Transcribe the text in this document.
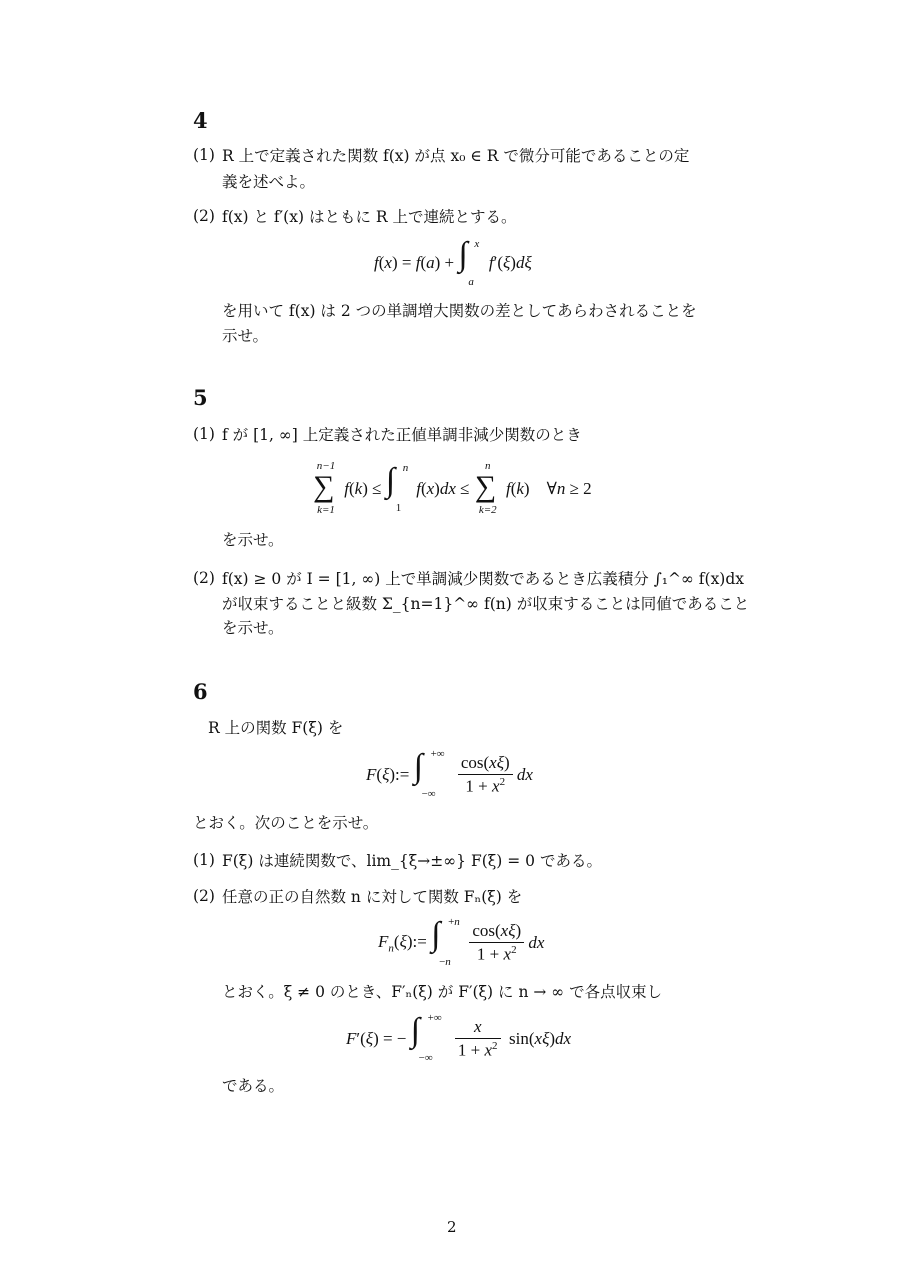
4
(1) R 上で定義された関数 f(x) が点 x₀ ∈ R で微分可能であることの定
義を述べよ。
(2) f(x) と f′(x) はともに R 上で連続とする。
f(x) = f(a) + ∫ x
a
f′(ξ)dξ
を用いて f(x) は 2 つの単調増大関数の差としてあらわされることを
示せ。
5
(1) f が [1, ∞] 上定義された正値単調非減少関数のとき
n−1
∑
k=1
f(k) ≤ ∫ n
1
f(x)dx ≤
n
∑
k=2
f(k)    ∀n ≥ 2
を示せ。
(2) f(x) ≥ 0 が I = [1, ∞) 上で単調減少関数であるとき広義積分 ∫₁^∞ f(x)dx
が収束することと級数 Σ_{n=1}^∞ f(n) が収束することは同値であること
を示せ。
6
R 上の関数 F(ξ) を
F(ξ):= ∫ +∞
−∞
$\frac{\cos(x\xi)}{1 + x^2}$ dx
とおく。次のことを示せ。
(1) F(ξ) は連続関数で、lim_{ξ→±∞} F(ξ) = 0 である。
(2) 任意の正の自然数 n に対して関数 Fₙ(ξ) を
$F_n(\xi):=$ ∫ +n
−n
$\frac{\cos(x\xi)}{1 + x^2}$ dx
とおく。ξ ≠ 0 のとき、F′ₙ(ξ) が F′(ξ) に n → ∞ で各点収束し
F′(ξ) = − ∫ +∞
−∞
$\frac{x}{1 + x^2} \sin(x\xi)dx$
である。
2
